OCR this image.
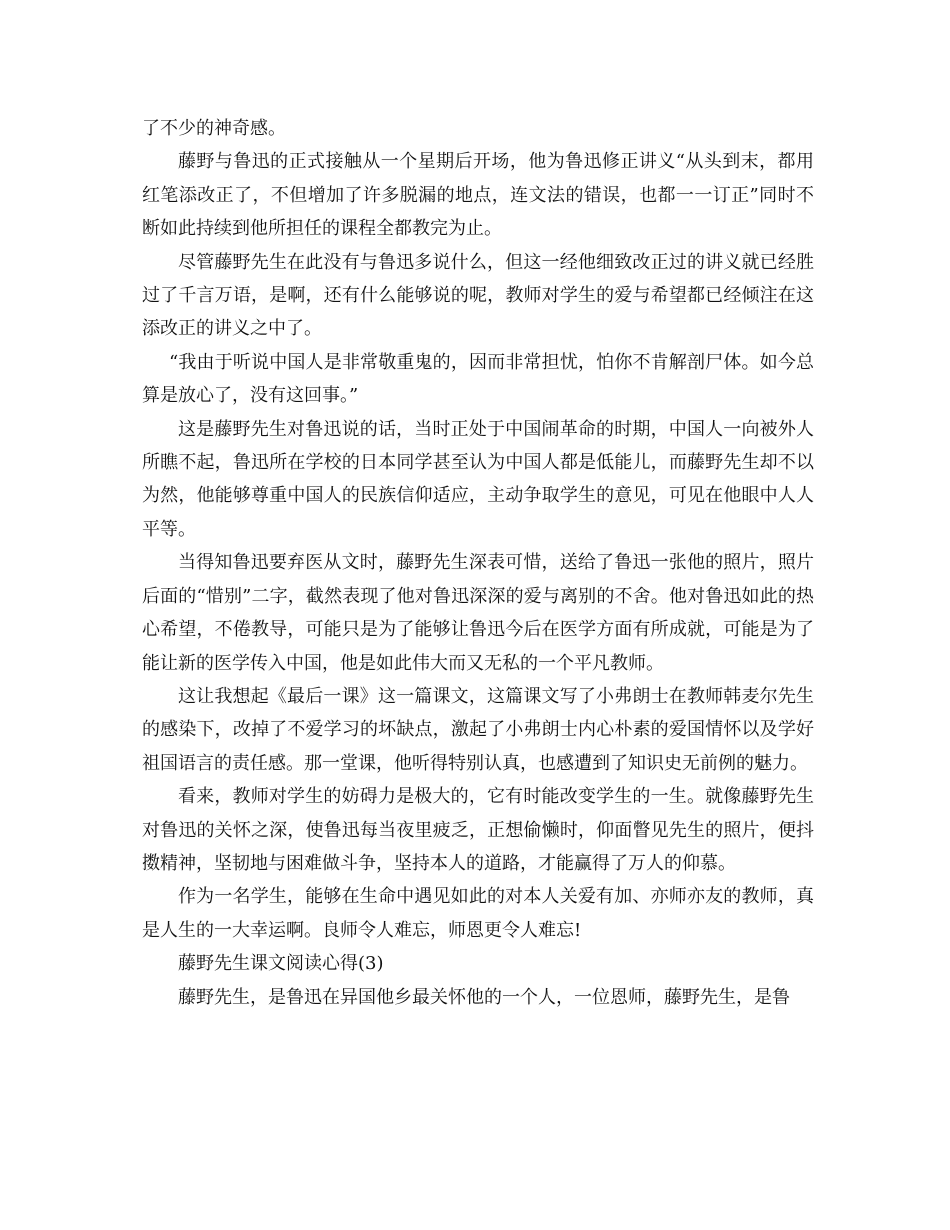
了不少的神奇感。

藤野与鲁迅的正式接触从一个星期后开场，他为鲁迅修正讲义“从头到末，都用红笔添改正了，不但增加了许多脱漏的地点，连文法的错误，也都一一订正”同时不断如此持续到他所担任的课程全都教完为止。

尽管藤野先生在此没有与鲁迅多说什么，但这一经他细致改正过的讲义就已经胜过了千言万语，是啊，还有什么能够说的呢，教师对学生的爱与希望都已经倾注在这添改正的讲义之中了。

“我由于听说中国人是非常敬重鬼的，因而非常担忧，怕你不肯解剖尸体。如今总算是放心了，没有这回事。”

这是藤野先生对鲁迅说的话，当时正处于中国闹革命的时期，中国人一向被外人所瞧不起，鲁迅所在学校的日本同学甚至认为中国人都是低能儿，而藤野先生却不以为然，他能够尊重中国人的民族信仰适应，主动争取学生的意见，可见在他眼中人人平等。

当得知鲁迅要弃医从文时，藤野先生深表可惜，送给了鲁迅一张他的照片，照片后面的“惜别”二字，截然表现了他对鲁迅深深的爱与离别的不舍。他对鲁迅如此的热心希望，不倦教导，可能只是为了能够让鲁迅今后在医学方面有所成就，可能是为了能让新的医学传入中国，他是如此伟大而又无私的一个平凡教师。

这让我想起《最后一课》这一篇课文，这篇课文写了小弗朗士在教师韩麦尔先生的感染下，改掉了不爱学习的坏缺点，激起了小弗朗士内心朴素的爱国情怀以及学好祖国语言的责任感。那一堂课，他听得特别认真，也感遭到了知识史无前例的魅力。

看来，教师对学生的妨碍力是极大的，它有时能改变学生的一生。就像藤野先生对鲁迅的关怀之深，使鲁迅每当夜里疲乏，正想偷懒时，仰面瞥见先生的照片，便抖擞精神，坚韧地与困难做斗争，坚持本人的道路，才能赢得了万人的仰慕。

作为一名学生，能够在生命中遇见如此的对本人关爱有加、亦师亦友的教师，真是人生的一大幸运啊。良师令人难忘，师恩更令人难忘!

藤野先生课文阅读心得(3)

藤野先生，是鲁迅在异国他乡最关怀他的一个人，一位恩师，藤野先生，是鲁
